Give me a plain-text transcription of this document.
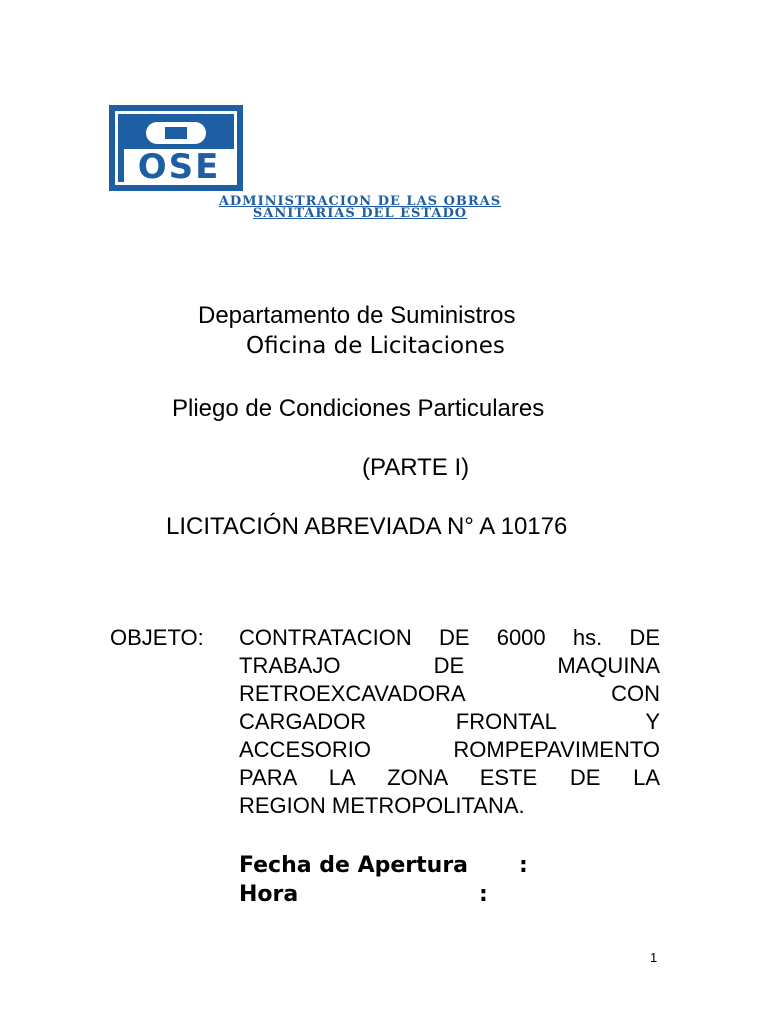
OSE
ADMINISTRACION DE LAS OBRAS
SANITARIAS DEL ESTADO
Departamento de Suministros
Oficina de Licitaciones
Pliego de Condiciones Particulares
(PARTE I)
LICITACIÓN ABREVIADA N° A 10176
OBJETO: CONTRATACION DE 6000 hs. DE
TRABAJO DE MAQUINA
RETROEXCAVADORA CON
CARGADOR FRONTAL Y
ACCESORIO ROMPEPAVIMENTO
PARA LA ZONA ESTE DE LA
REGION METROPOLITANA.
Fecha de Apertura :
Hora	:
1
